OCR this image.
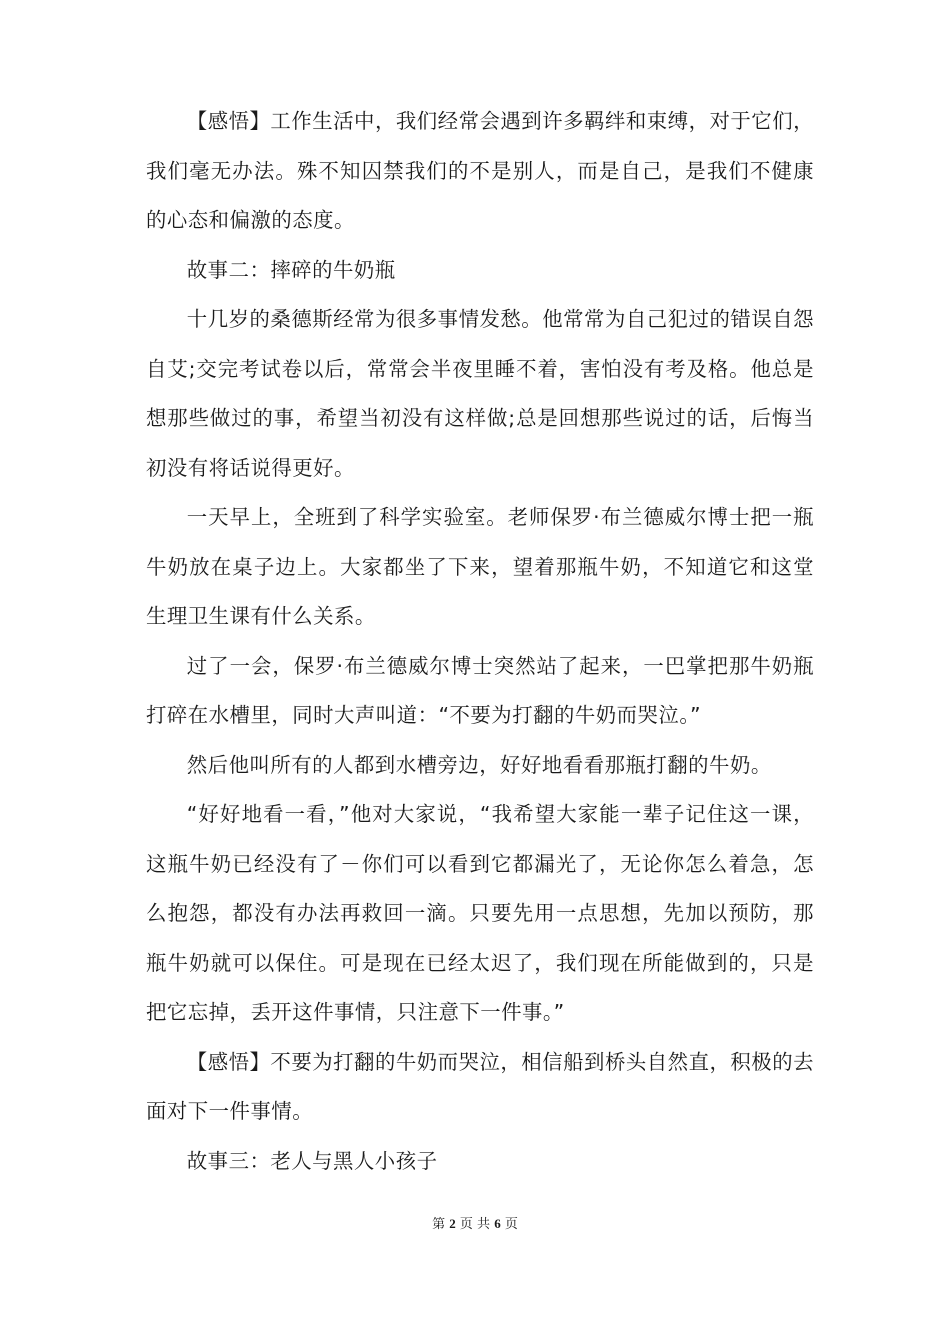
【感悟】工作生活中，我们经常会遇到许多羁绊和束缚，对于它们，我们毫无办法。殊不知囚禁我们的不是别人，而是自己，是我们不健康的心态和偏激的态度。

故事二：摔碎的牛奶瓶

十几岁的桑德斯经常为很多事情发愁。他常常为自己犯过的错误自怨自艾;交完考试卷以后，常常会半夜里睡不着，害怕没有考及格。他总是想那些做过的事，希望当初没有这样做;总是回想那些说过的话，后悔当初没有将话说得更好。

一天早上，全班到了科学实验室。老师保罗·布兰德威尔博士把一瓶牛奶放在桌子边上。大家都坐了下来，望着那瓶牛奶，不知道它和这堂生理卫生课有什么关系。

过了一会，保罗·布兰德威尔博士突然站了起来，一巴掌把那牛奶瓶打碎在水槽里，同时大声叫道：“不要为打翻的牛奶而哭泣。”

然后他叫所有的人都到水槽旁边，好好地看看那瓶打翻的牛奶。

“好好地看一看，”他对大家说，“我希望大家能一辈子记住这一课，这瓶牛奶已经没有了－你们可以看到它都漏光了，无论你怎么着急，怎么抱怨，都没有办法再救回一滴。只要先用一点思想，先加以预防，那瓶牛奶就可以保住。可是现在已经太迟了，我们现在所能做到的，只是把它忘掉，丢开这件事情，只注意下一件事。”

【感悟】不要为打翻的牛奶而哭泣，相信船到桥头自然直，积极的去面对下一件事情。

故事三：老人与黑人小孩子

第 2 页 共 6 页
